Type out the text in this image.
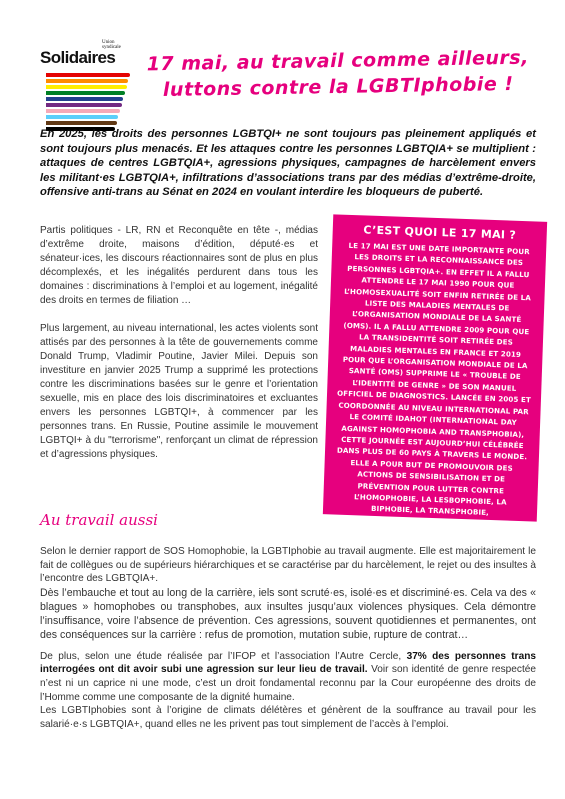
Union syndicale
Solidaires	17 mai, au travail comme ailleurs,
luttons contre la LGBTIphobie !
En 2025, les droits des personnes LGBTQI+ ne sont toujours pas pleinement appliqués et sont toujours plus menacés. Et les attaques contre les personnes LGBTQIA+ se multiplient : attaques de centres LGBTQIA+, agressions physiques, campagnes de harcèlement envers les militant·es LGBTQIA+, infiltrations d’associations trans par des médias d’extrême-droite, offensive anti-trans au Sénat en 2024 en voulant interdire les bloqueurs de puberté.

Partis politiques - LR, RN et Reconquête en tête -, médias d’extrême droite, maisons d’édition, député·es et sénateur·ices, les discours réactionnaires sont de plus en plus décomplexés, et les inégalités perdurent dans tous les domaines : discriminations à l’emploi et au logement, inégalité des droits en termes de filiation …

Plus largement, au niveau international, les actes violents sont attisés par des personnes à la tête de gouvernements comme Donald Trump, Vladimir Poutine, Javier Milei. Depuis son investiture en janvier 2025 Trump a supprimé les protections contre les discriminations basées sur le genre et l’orientation sexuelle, mis en place des lois discriminatoires et excluantes envers les personnes LGBTQI+, à commencer par les personnes trans. En Russie, Poutine assimile le mouvement LGBTQI+ à du "terrorisme", renforçant un climat de répression et d’agressions physiques.

C’EST QUOI LE 17 MAI ?
LE 17 MAI EST UNE DATE IMPORTANTE POUR LES DROITS ET LA RECONNAISSANCE DES PERSONNES LGBTQIA+. EN EFFET IL A FALLU ATTENDRE LE 17 MAI 1990 POUR QUE L’HOMOSEXUALITÉ SOIT ENFIN RETIRÉE DE LA LISTE DES MALADIES MENTALES DE L’ORGANISATION MONDIALE DE LA SANTÉ (OMS). IL A FALLU ATTENDRE 2009 POUR QUE LA TRANSIDENTITÉ SOIT RETIRÉE DES MALADIES MENTALES EN FRANCE ET 2019 POUR QUE L’ORGANISATION MONDIALE DE LA SANTÉ (OMS) SUPPRIME LE « TROUBLE DE L’IDENTITÉ DE GENRE » DE SON MANUEL OFFICIEL DE DIAGNOSTICS. LANCÉE EN 2005 ET COORDONNÉE AU NIVEAU INTERNATIONAL PAR LE COMITÉ IDAHOT (INTERNATIONAL DAY AGAINST HOMOPHOBIA AND TRANSPHOBIA), CETTE JOURNÉE EST AUJOURD’HUI CÉLÉBRÉE DANS PLUS DE 60 PAYS À TRAVERS LE MONDE. ELLE A POUR BUT DE PROMOUVOIR DES ACTIONS DE SENSIBILISATION ET DE PRÉVENTION POUR LUTTER CONTRE L’HOMOPHOBIE, LA LESBOPHOBIE, LA BIPHOBIE, LA TRANSPHOBIE, L’INTERSEXOPHOBIE, ETC.
Au travail aussi

Selon le dernier rapport de SOS Homophobie, la LGBTIphobie au travail augmente. Elle est majoritairement le fait de collègues ou de supérieurs hiérarchiques et se caractérise par du harcèlement, le rejet ou des insultes à l’encontre des LGBTQIA+.

Dès l’embauche et tout au long de la carrière, iels sont scruté·es, isolé·es et discriminé·es. Cela va des « blagues » homophobes ou transphobes, aux insultes jusqu’aux violences physiques. Cela démontre l’insuffisance, voire l’absence de prévention. Ces agressions, souvent quotidiennes et permanentes, ont des conséquences sur la carrière : refus de promotion, mutation subie, rupture de contrat…

De plus, selon une étude réalisée par l’IFOP et l’association l’Autre Cercle, 37% des personnes trans interrogées ont dit avoir subi une agression sur leur lieu de travail. Voir son identité de genre respectée n’est ni un caprice ni une mode, c’est un droit fondamental reconnu par la Cour européenne des droits de l’Homme comme une composante de la dignité humaine.

Les LGBTIphobies sont à l’origine de climats délétères et génèrent de la souffrance au travail pour les salarié·e·s LGBTQIA+, quand elles ne les privent pas tout simplement de l’accès à l’emploi.
